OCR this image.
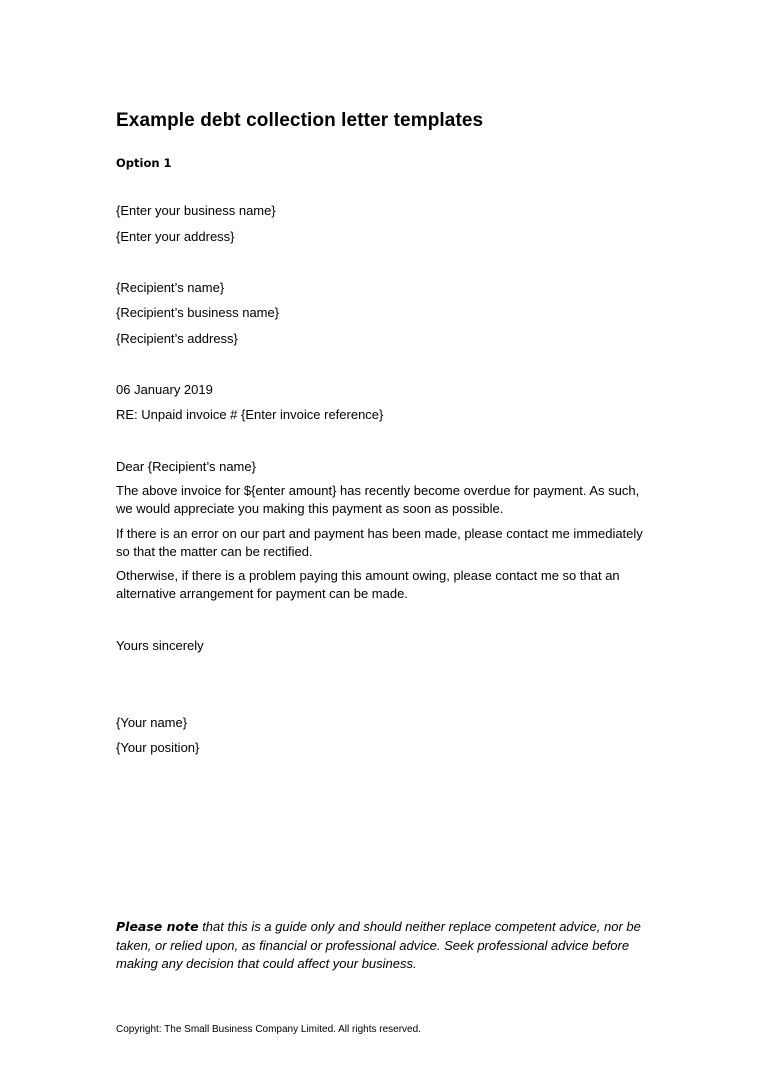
Example debt collection letter templates
Option 1
{Enter your business name}
{Enter your address}
{Recipient’s name}
{Recipient’s business name}
{Recipient’s address}
06 January 2019
RE: Unpaid invoice # {Enter invoice reference}
Dear {Recipient’s name}

The above invoice for ${enter amount} has recently become overdue for payment. As such, we would appreciate you making this payment as soon as possible.

If there is an error on our part and payment has been made, please contact me immediately so that the matter can be rectified.

Otherwise, if there is a problem paying this amount owing, please contact me so that an alternative arrangement for payment can be made.

Yours sincerely
{Your name}
{Your position}

Please note that this is a guide only and should neither replace competent advice, nor be taken, or relied upon, as financial or professional advice. Seek professional advice before making any decision that could affect your business.

Copyright: The Small Business Company Limited. All rights reserved.
